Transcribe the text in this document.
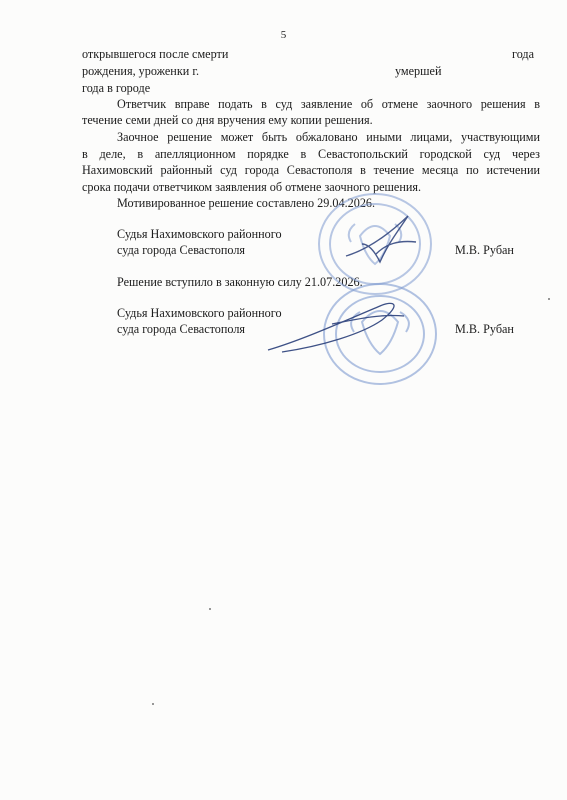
5
открывшегося после смерти	года
рождения, уроженки г.	умершей
года в городе
Ответчик вправе подать в суд заявление об отмене заочного решения в
течение семи дней со дня вручения ему копии решения.
Заочное решение может быть обжаловано иными лицами, участвующими
в деле, в апелляционном порядке в Севастопольский городской суд через
Нахимовский районный суд города Севастополя в течение месяца по истечении
срока подачи ответчиком заявления об отмене заочного решения.
Мотивированное решение составлено 29.04.2026.
Судья Нахимовского районного
суда города Севастополя	М.В. Рубан
Решение вступило в законную силу 21.07.2026.
Судья Нахимовского районного
суда города Севастополя	М.В. Рубан
